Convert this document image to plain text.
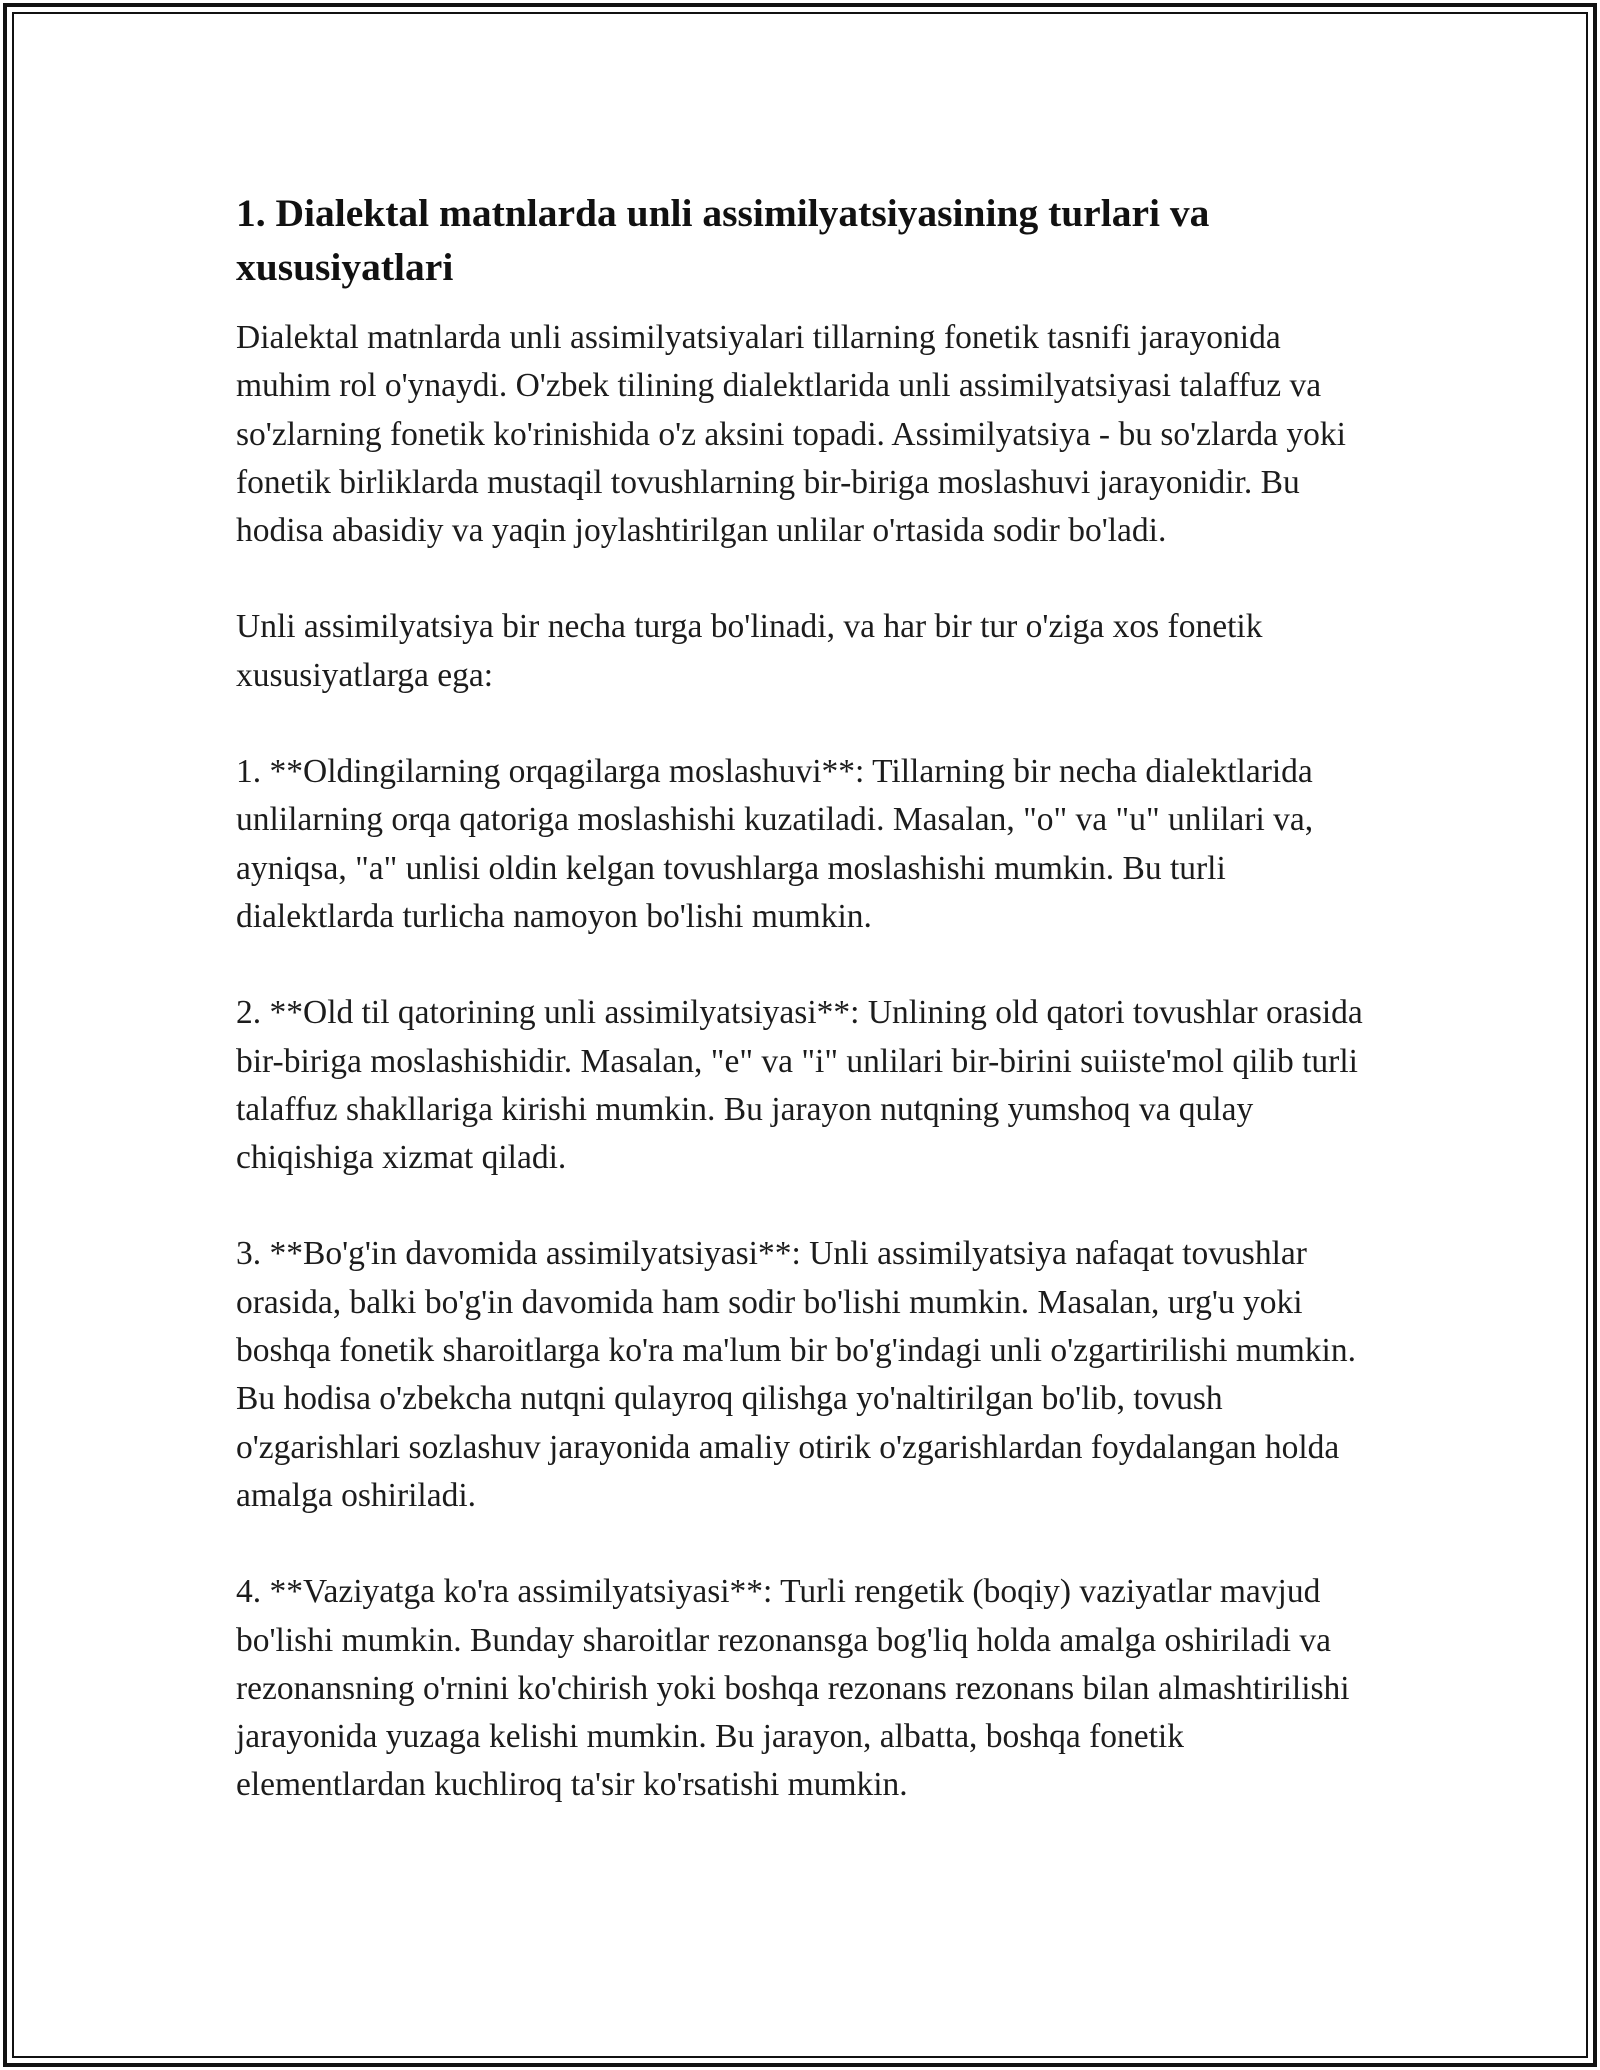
1. Dialektal matnlarda unli assimilyatsiyasining turlari va xususiyatlari

Dialektal matnlarda unli assimilyatsiyalari tillarning fonetik tasnifi jarayonida muhim rol o'ynaydi. O'zbek tilining dialektlarida unli assimilyatsiyasi talaffuz va so'zlarning fonetik ko'rinishida o'z aksini topadi. Assimilyatsiya - bu so'zlarda yoki fonetik birliklarda mustaqil tovushlarning bir-biriga moslashuvi jarayonidir. Bu hodisa abasidiy va yaqin joylashtirilgan unlilar o'rtasida sodir bo'ladi.

Unli assimilyatsiya bir necha turga bo'linadi, va har bir tur o'ziga xos fonetik xususiyatlarga ega:

1. **Oldingilarning orqagilarga moslashuvi**: Tillarning bir necha dialektlarida unlilarning orqa qatoriga moslashishi kuzatiladi. Masalan, "o" va "u" unlilari va, ayniqsa, "a" unlisi oldin kelgan tovushlarga moslashishi mumkin. Bu turli dialektlarda turlicha namoyon bo'lishi mumkin.

2. **Old til qatorining unli assimilyatsiyasi**: Unlining old qatori tovushlar orasida bir-biriga moslashishidir. Masalan, "e" va "i" unlilari bir-birini suiiste'mol qilib turli talaffuz shakllariga kirishi mumkin. Bu jarayon nutqning yumshoq va qulay chiqishiga xizmat qiladi.

3. **Bo'g'in davomida assimilyatsiyasi**: Unli assimilyatsiya nafaqat tovushlar orasida, balki bo'g'in davomida ham sodir bo'lishi mumkin. Masalan, urg'u yoki boshqa fonetik sharoitlarga ko'ra ma'lum bir bo'g'indagi unli o'zgartirilishi mumkin. Bu hodisa o'zbekcha nutqni qulayroq qilishga yo'naltirilgan bo'lib, tovush o'zgarishlari sozlashuv jarayonida amaliy otirik o'zgarishlardan foydalangan holda amalga oshiriladi.

4. **Vaziyatga ko'ra assimilyatsiyasi**: Turli rengetik (boqiy) vaziyatlar mavjud bo'lishi mumkin. Bunday sharoitlar rezonansga bog'liq holda amalga oshiriladi va rezonansning o'rnini ko'chirish yoki boshqa rezonans rezonans bilan almashtirilishi jarayonida yuzaga kelishi mumkin. Bu jarayon, albatta, boshqa fonetik elementlardan kuchliroq ta'sir ko'rsatishi mumkin.
